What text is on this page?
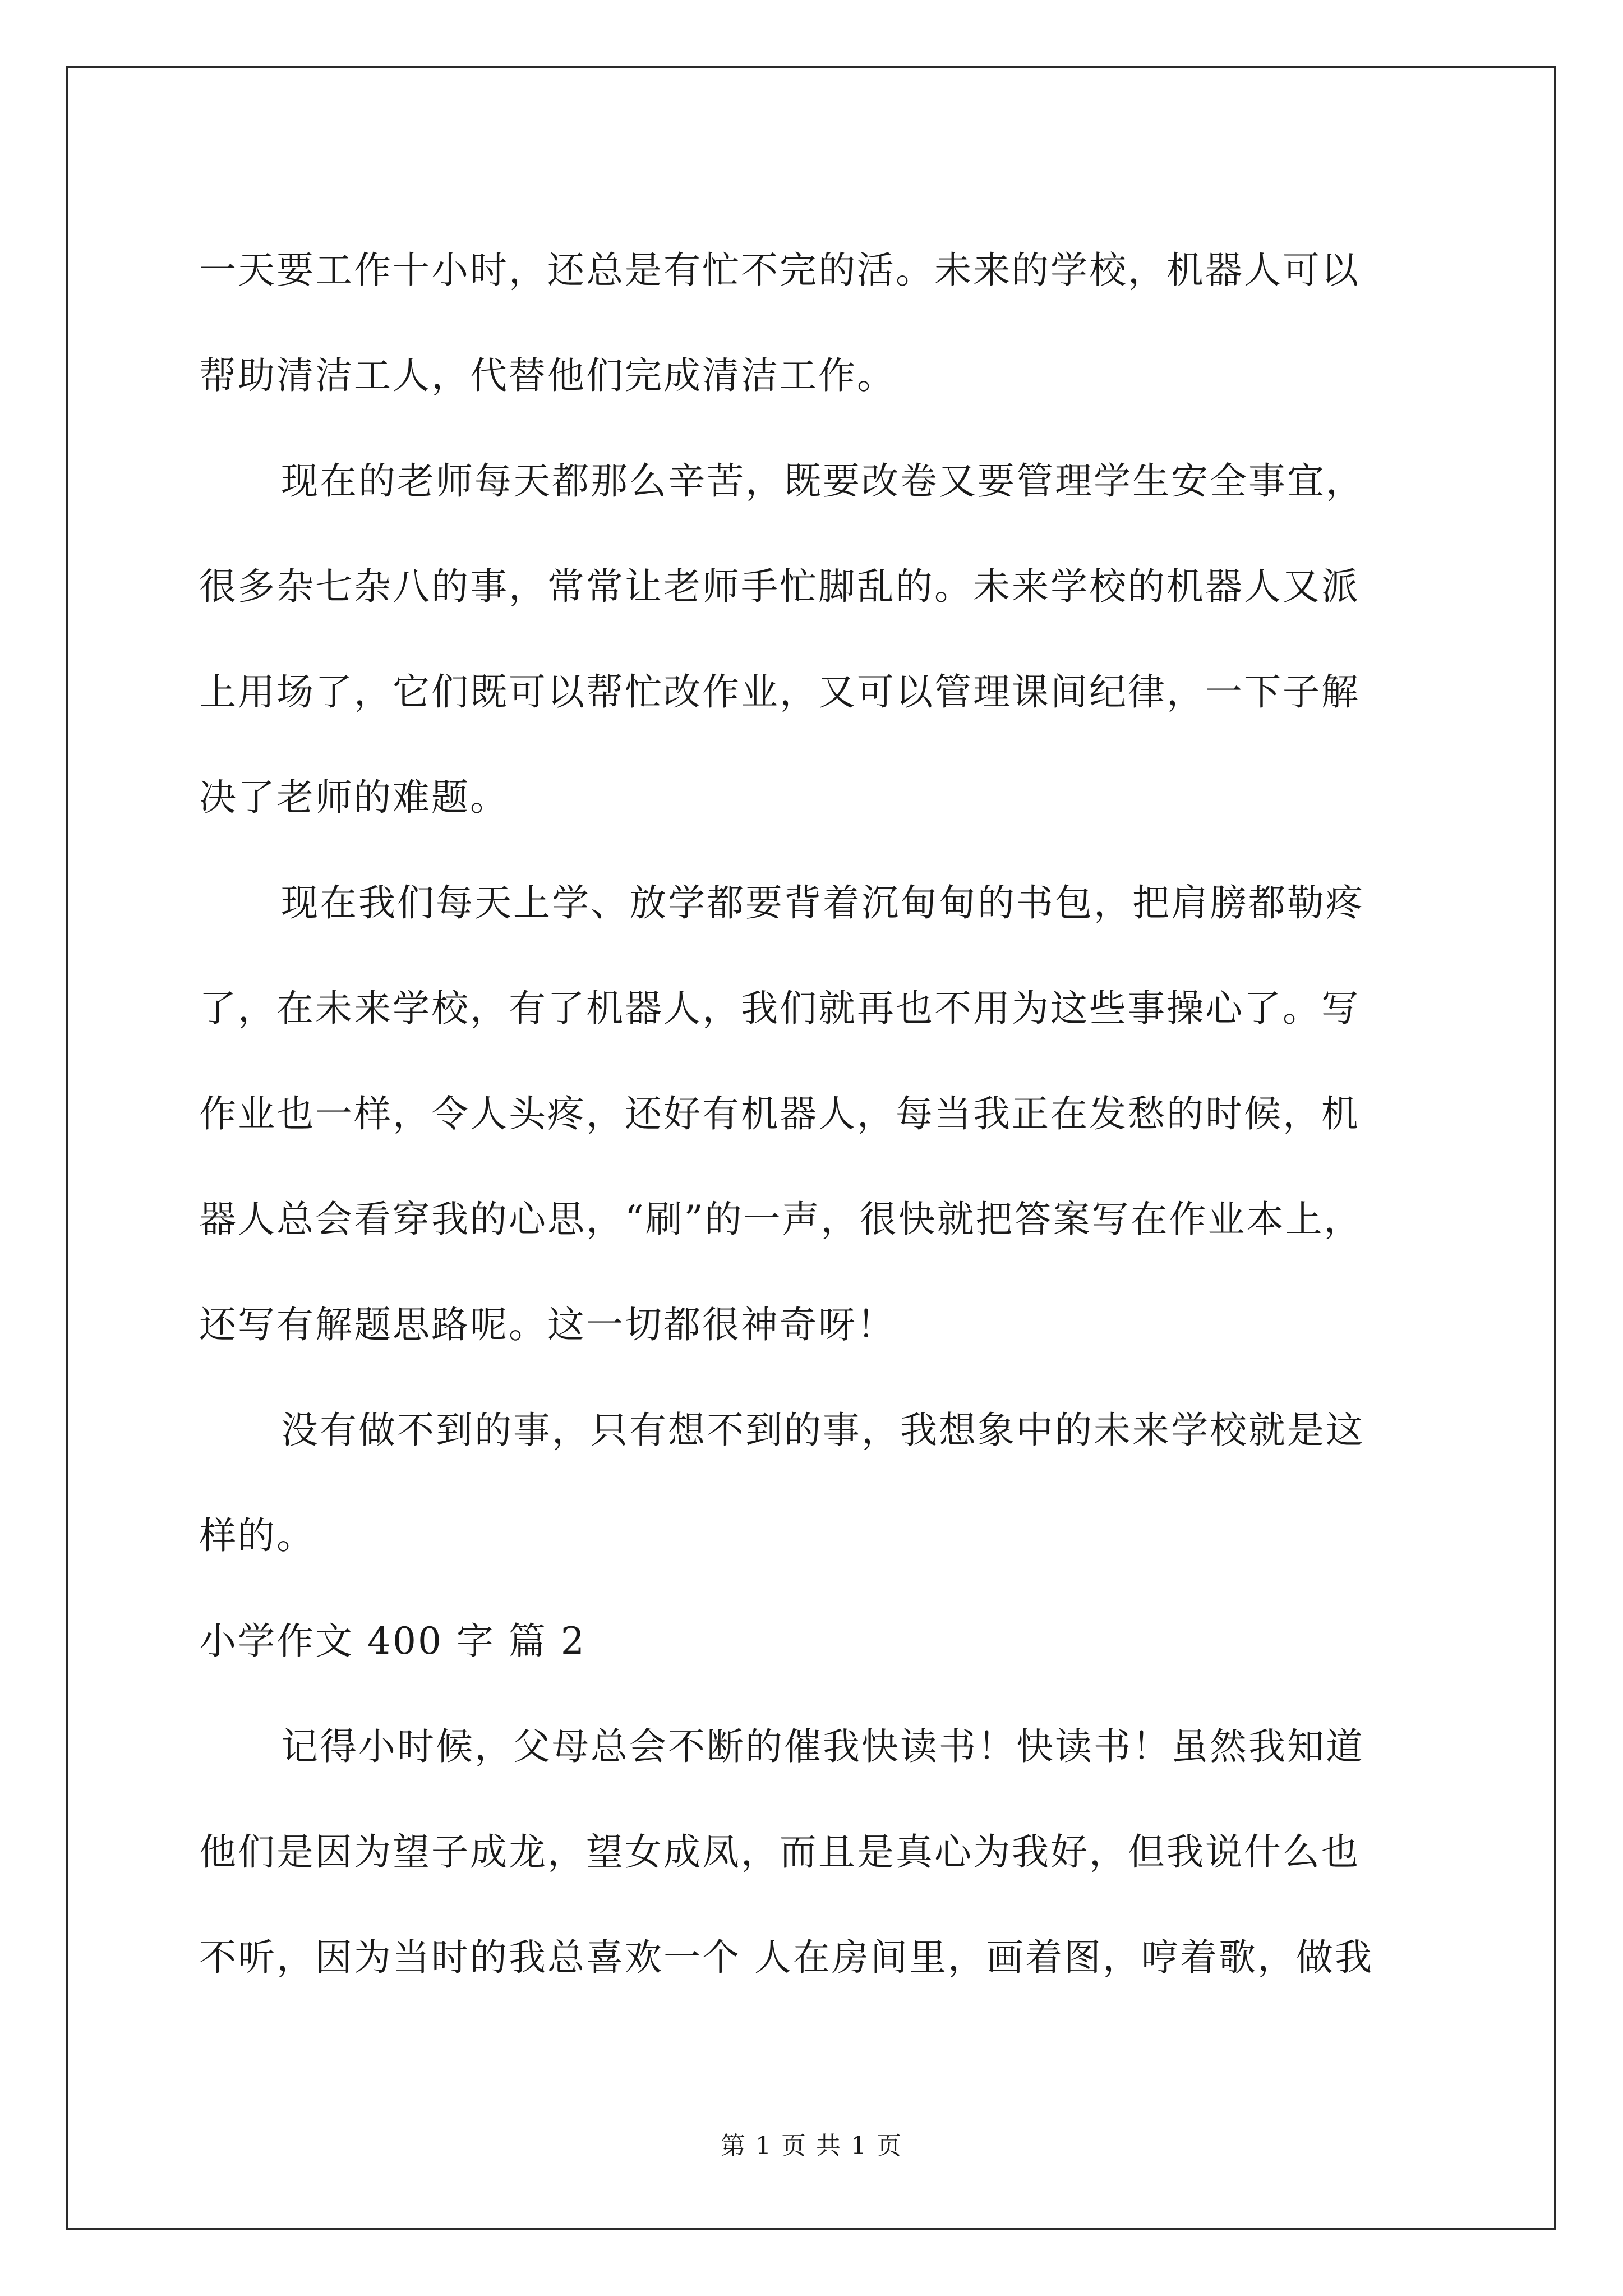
一天要工作十小时，还总是有忙不完的活。未来的学校，机器人可以
帮助清洁工人，代替他们完成清洁工作。
现在的老师每天都那么辛苦，既要改卷又要管理学生安全事宜，
很多杂七杂八的事，常常让老师手忙脚乱的。未来学校的机器人又派
上用场了，它们既可以帮忙改作业，又可以管理课间纪律，一下子解
决了老师的难题。
现在我们每天上学、放学都要背着沉甸甸的书包，把肩膀都勒疼
了，在未来学校，有了机器人，我们就再也不用为这些事操心了。写
作业也一样，令人头疼，还好有机器人，每当我正在发愁的时候，机
器人总会看穿我的心思，“刷”的一声，很快就把答案写在作业本上，
还写有解题思路呢。这一切都很神奇呀！
没有做不到的事，只有想不到的事，我想象中的未来学校就是这
样的。
小学作文 400 字 篇 2
记得小时候，父母总会不断的催我快读书！快读书！虽然我知道
他们是因为望子成龙，望女成凤，而且是真心为我好，但我说什么也
不听，因为当时的我总喜欢一个 人在房间里，画着图，哼着歌，做我
第 1 页 共 1 页
